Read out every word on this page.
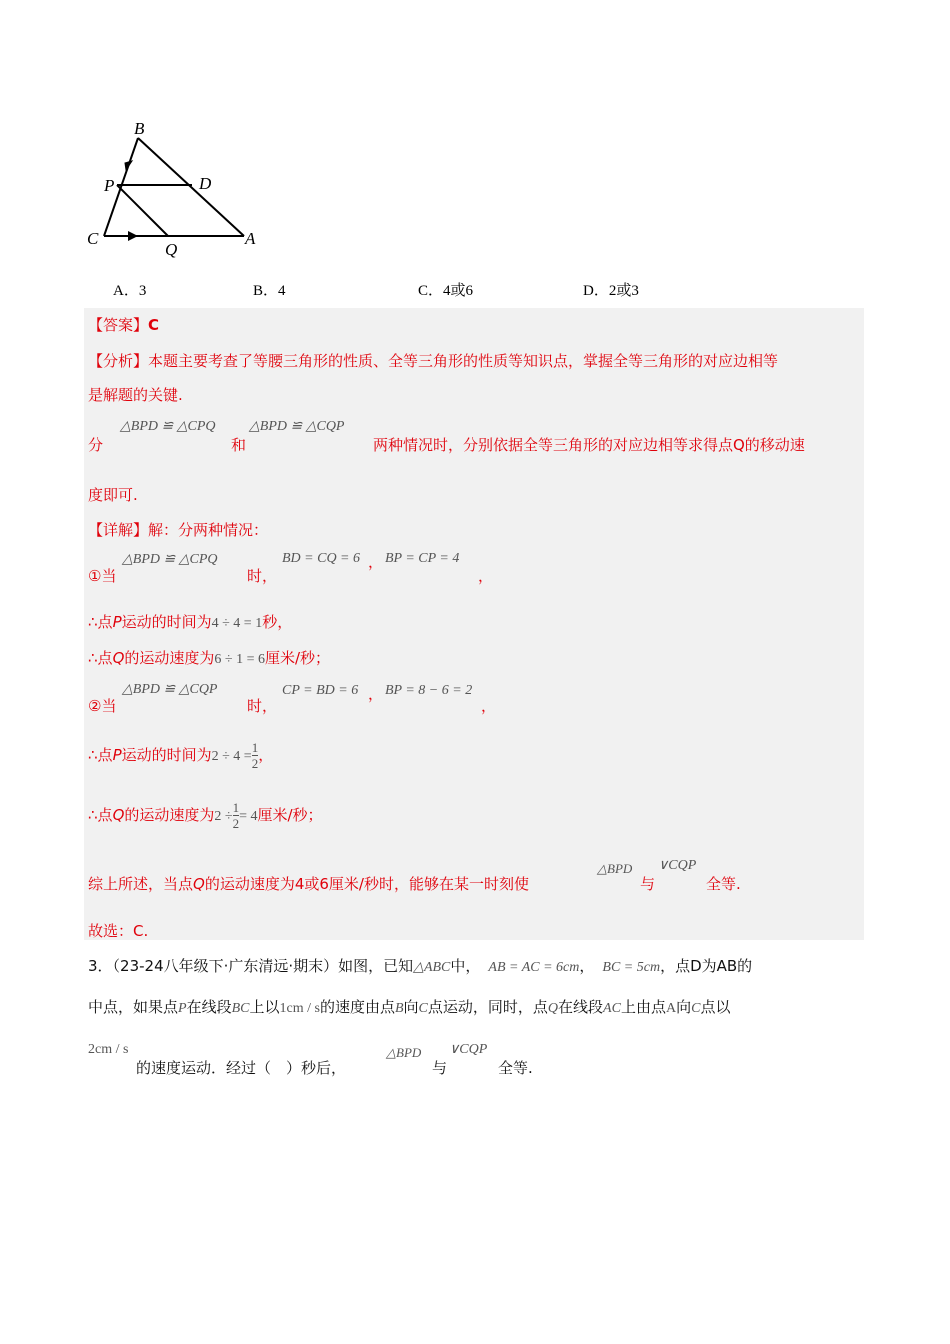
B
P	D
C
Q
A
A．3	B．4	C．4或6	D．2或3
【答案】C
【分析】本题主要考查了等腰三角形的性质、全等三角形的性质等知识点，掌握全等三角形的对应边相等
是解题的关键.
分
△BPD ≌ △CPQ
和
△BPD ≌ △CQP
两种情况时，分别依据全等三角形的对应边相等求得点Q的移动速
度即可.
【详解】解：分两种情况：
①当
△BPD ≌ △CPQ
时，
BD = CQ = 6 ， BP = CP = 4
，
∴点P运动的时间为4 ÷ 4 = 1秒，
∴点Q的运动速度为6 ÷ 1 = 6厘米/秒；
②当
△BPD ≌ △CQP
时，
CP = BD = 6 ， BP = 8 − 6 = 2
，
∴点P运动的时间为$2 \div 4 = \frac{1}{2}$ ，
∴点Q的运动速度为$2 \div \frac{1}{2} = 4$厘米/秒；
综上所述，当点Q的运动速度为4或6厘米/秒时，能够在某一时刻使
△BPD
与
∨CQP
全等.
故选：C.
3．（23-24八年级下·广东清远·期末）如图，已知△ABC中， AB = AC = 6cm， BC = 5cm，点D为AB的
中点，如果点P在线段BC上以1cm / s的速度由点B向C点运动，同时，点Q在线段AC上由点A向C点以
2cm / s
的速度运动．经过（　）秒后，
△BPD
与
∨CQP
全等.
